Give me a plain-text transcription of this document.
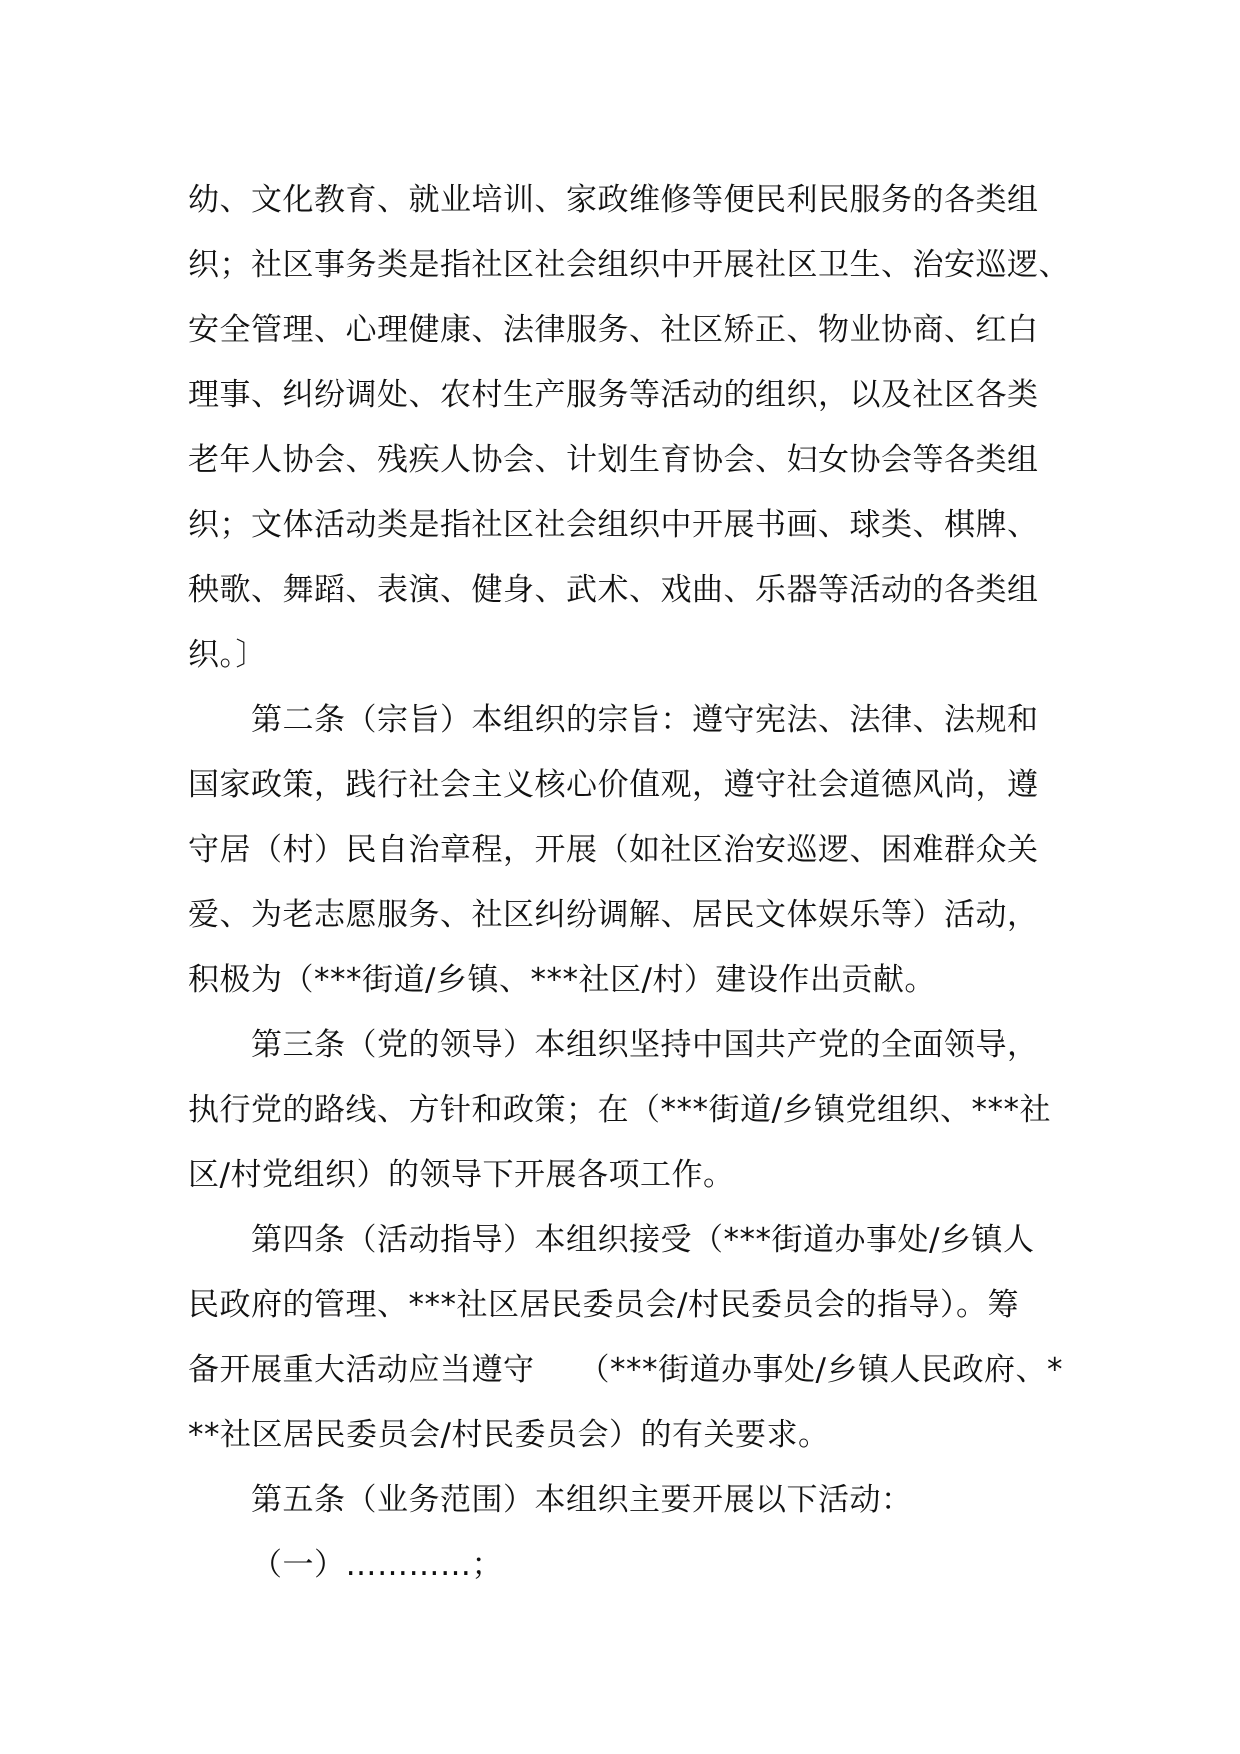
幼、文化教育、就业培训、家政维修等便民利民服务的各类组
织；社区事务类是指社区社会组织中开展社区卫生、治安巡逻、
安全管理、心理健康、法律服务、社区矫正、物业协商、红白
理事、纠纷调处、农村生产服务等活动的组织，以及社区各类
老年人协会、残疾人协会、计划生育协会、妇女协会等各类组
织；文体活动类是指社区社会组织中开展书画、球类、棋牌、
秧歌、舞蹈、表演、健身、武术、戏曲、乐器等活动的各类组
织。〕
第二条（宗旨）本组织的宗旨：遵守宪法、法律、法规和
国家政策，践行社会主义核心价值观，遵守社会道德风尚，遵
守居（村）民自治章程，开展（如社区治安巡逻、困难群众关
爱、为老志愿服务、社区纠纷调解、居民文体娱乐等）活动，
积极为（***街道/乡镇、***社区/村）建设作出贡献。
第三条（党的领导）本组织坚持中国共产党的全面领导，
执行党的路线、方针和政策；在（***街道/乡镇党组织、***社
区/村党组织）的领导下开展各项工作。
第四条（活动指导）本组织接受（***街道办事处/乡镇人
民政府的管理、***社区居民委员会/村民委员会的指导）。筹
备开展重大活动应当遵守 （***街道办事处/乡镇人民政府、*
**社区居民委员会/村民委员会）的有关要求。
第五条（业务范围）本组织主要开展以下活动：
（一）…………；
